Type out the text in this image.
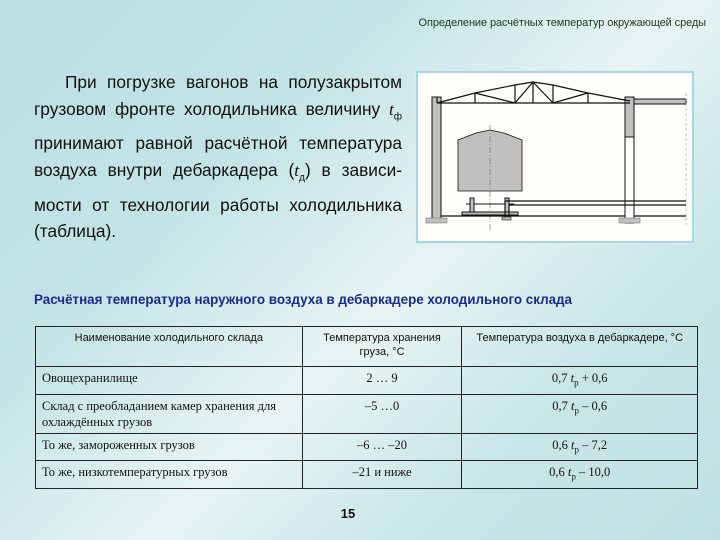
Определение расчётных температур окружающей среды
При погрузке вагонов на полузакрытом грузовом фронте холодильника величину $t_ф$ принимают равной расчётной температура воздуха внутри дебаркадера $(t_д)$ в зависи-мости от технологии работы холодильника (таблица).
Расчётная температура наружного воздуха в дебаркадере холодильного склада
Наименование холодильного склада	Температура хранения груза, °С	Температура воздуха в дебаркадере, °С
Овощехранилище	2 … 9	0,7 $t_р + 0,6$
Склад с преобладанием камер хранения для охлаждённых грузов	–5 …0	0,7 $t_р - 0,6$
То же, замороженных грузов	–6 … –20	0,6 $t_р - 7,2$
То же, низкотемпературных грузов	–21 и ниже	0,6 $t_р - 10,0$
15
